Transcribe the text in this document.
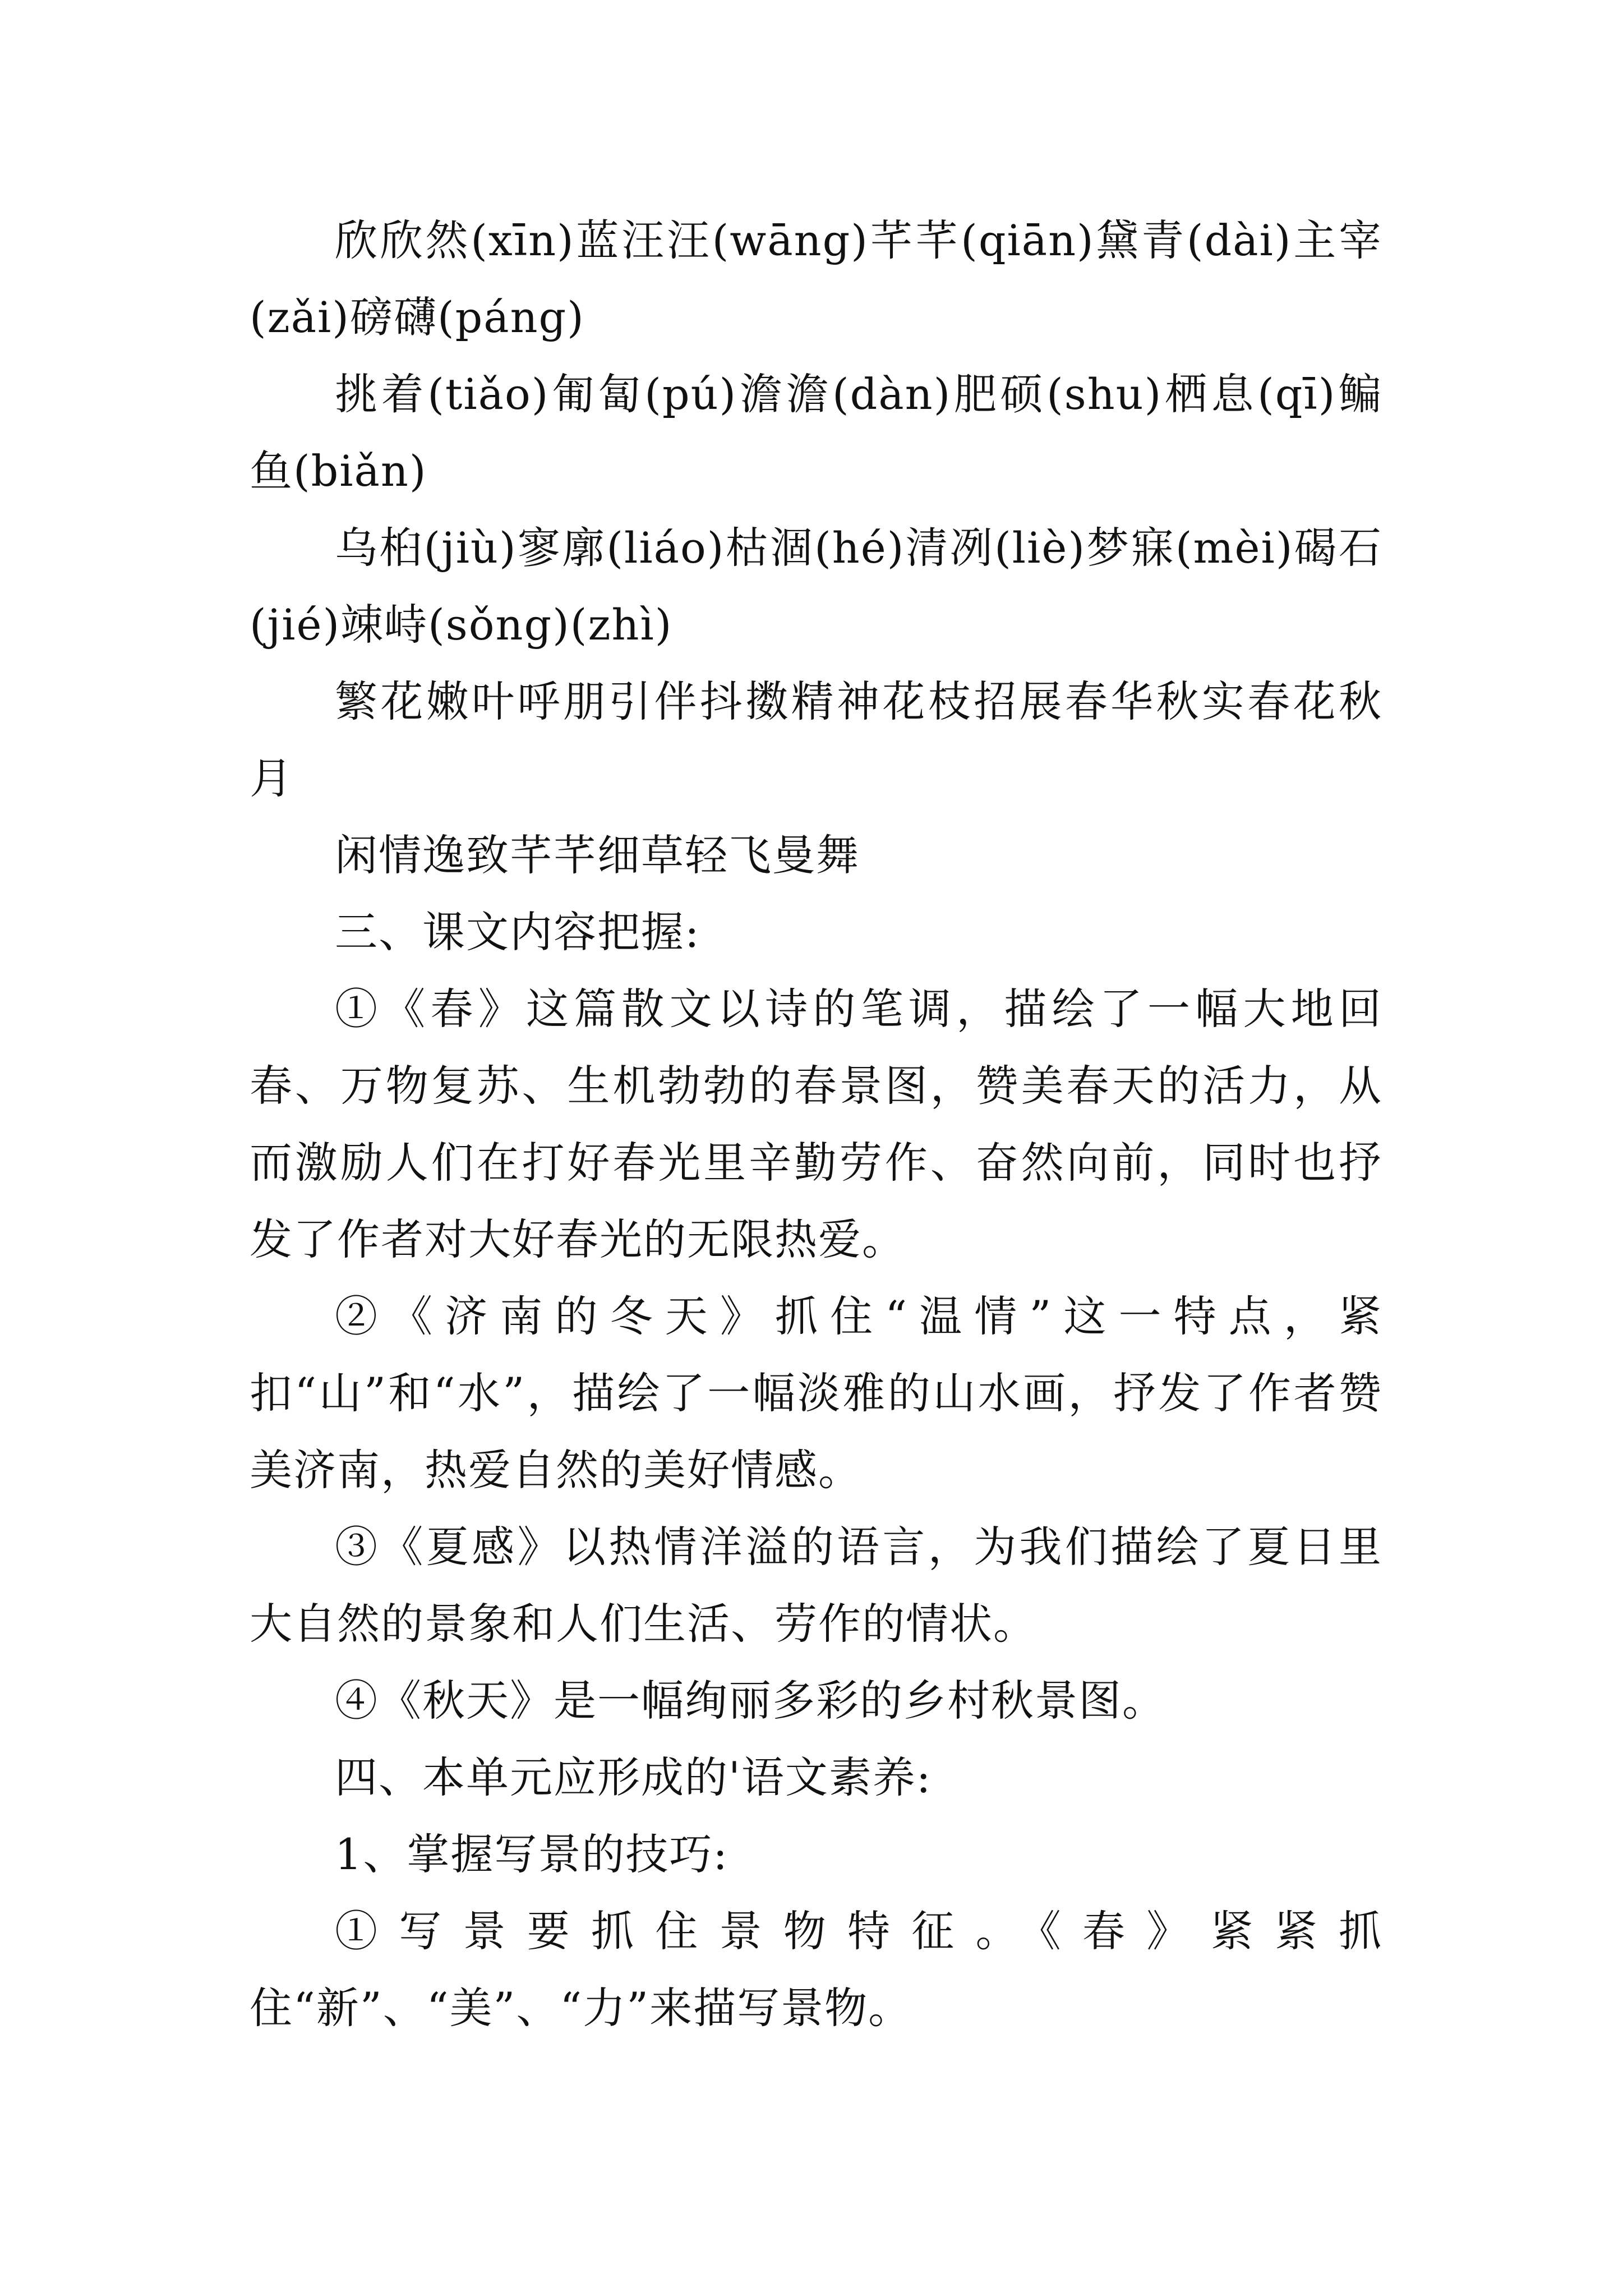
欣欣然(xīn)蓝汪汪(wāng)芊芊(qiān)黛青(dài)主宰(zǎi)磅礴(páng)

挑着(tiǎo)匍匐(pú)澹澹(dàn)肥硕(shu)栖息(qī)鳊鱼(biǎn)

乌桕(jiù)寥廓(liáo)枯涸(hé)清冽(liè)梦寐(mèi)碣石(jié)竦峙(sǒng)(zhì)

繁花嫩叶呼朋引伴抖擞精神花枝招展春华秋实春花秋月

闲情逸致芊芊细草轻飞曼舞

三、课文内容把握:

①《春》这篇散文以诗的笔调，描绘了一幅大地回春、万物复苏、生机勃勃的春景图，赞美春天的活力，从而激励人们在打好春光里辛勤劳作、奋然向前，同时也抒发了作者对大好春光的无限热爱。

②《济南的冬天》抓住“温情”这一特点，紧扣“山”和“水”，描绘了一幅淡雅的山水画，抒发了作者赞美济南，热爱自然的美好情感。

③《夏感》以热情洋溢的语言，为我们描绘了夏日里大自然的景象和人们生活、劳作的情状。

④《秋天》是一幅绚丽多彩的乡村秋景图。

四、本单元应形成的'语文素养:

1、掌握写景的技巧:

①写景要抓住景物特征。《春》紧紧抓住“新”、“美”、“力”来描写景物。
